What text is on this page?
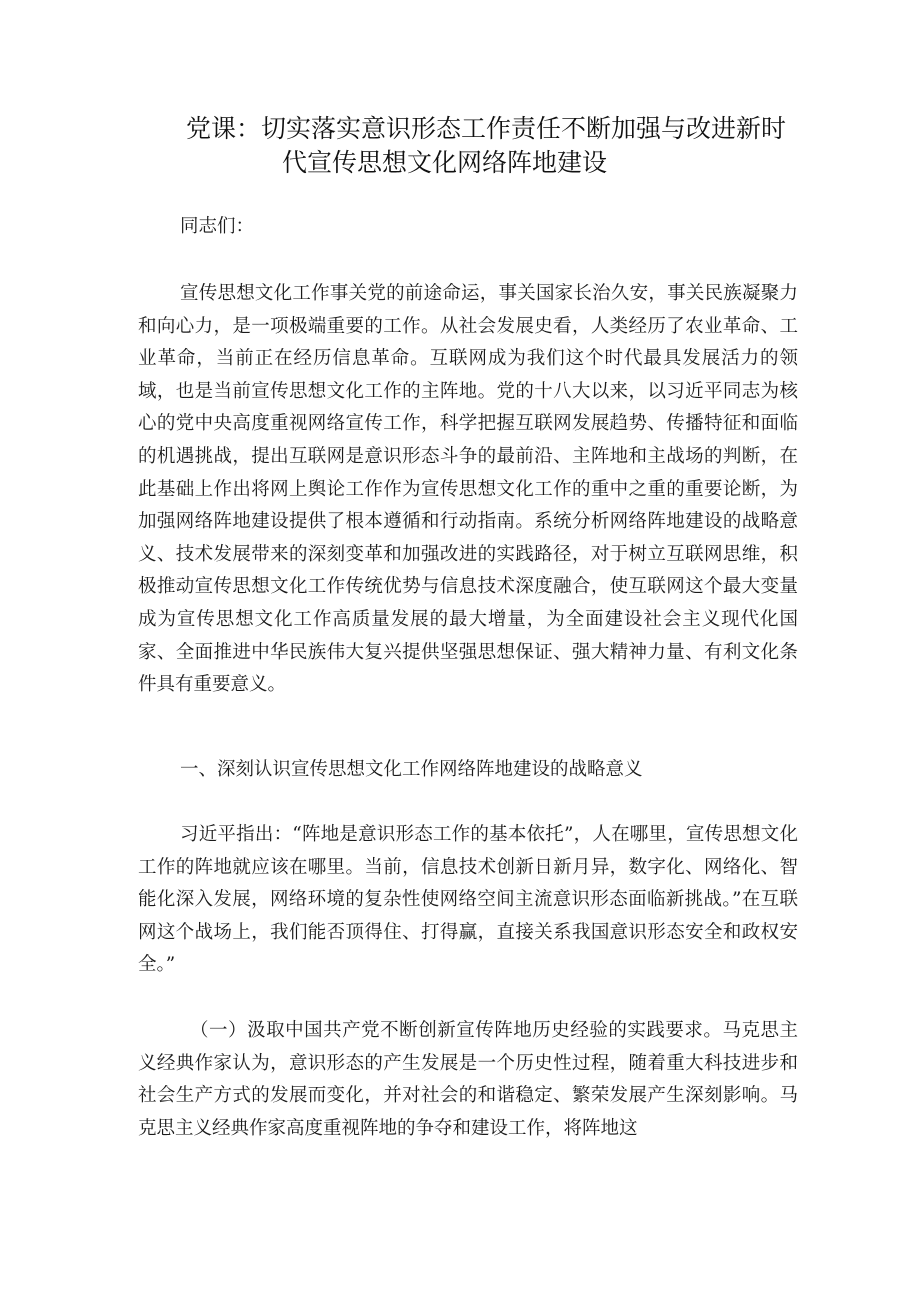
党课：切实落实意识形态工作责任不断加强与改进新时
代宣传思想文化网络阵地建设

同志们：

宣传思想文化工作事关党的前途命运，事关国家长治久安，事关民族凝聚力和向心力，是一项极端重要的工作。从社会发展史看，人类经历了农业革命、工业革命，当前正在经历信息革命。互联网成为我们这个时代最具发展活力的领域，也是当前宣传思想文化工作的主阵地。党的十八大以来，以习近平同志为核心的党中央高度重视网络宣传工作，科学把握互联网发展趋势、传播特征和面临的机遇挑战，提出互联网是意识形态斗争的最前沿、主阵地和主战场的判断，在此基础上作出将网上舆论工作作为宣传思想文化工作的重中之重的重要论断，为加强网络阵地建设提供了根本遵循和行动指南。系统分析网络阵地建设的战略意义、技术发展带来的深刻变革和加强改进的实践路径，对于树立互联网思维，积极推动宣传思想文化工作传统优势与信息技术深度融合，使互联网这个最大变量成为宣传思想文化工作高质量发展的最大增量，为全面建设社会主义现代化国家、全面推进中华民族伟大复兴提供坚强思想保证、强大精神力量、有利文化条件具有重要意义。

一、深刻认识宣传思想文化工作网络阵地建设的战略意义

习近平指出：“阵地是意识形态工作的基本依托”，人在哪里，宣传思想文化工作的阵地就应该在哪里。当前，信息技术创新日新月异，数字化、网络化、智能化深入发展，网络环境的复杂性使网络空间主流意识形态面临新挑战。”在互联网这个战场上，我们能否顶得住、打得赢，直接关系我国意识形态安全和政权安全。”

（一）汲取中国共产党不断创新宣传阵地历史经验的实践要求。马克思主义经典作家认为，意识形态的产生发展是一个历史性过程，随着重大科技进步和社会生产方式的发展而变化，并对社会的和谐稳定、繁荣发展产生深刻影响。马克思主义经典作家高度重视阵地的争夺和建设工作，将阵地这
